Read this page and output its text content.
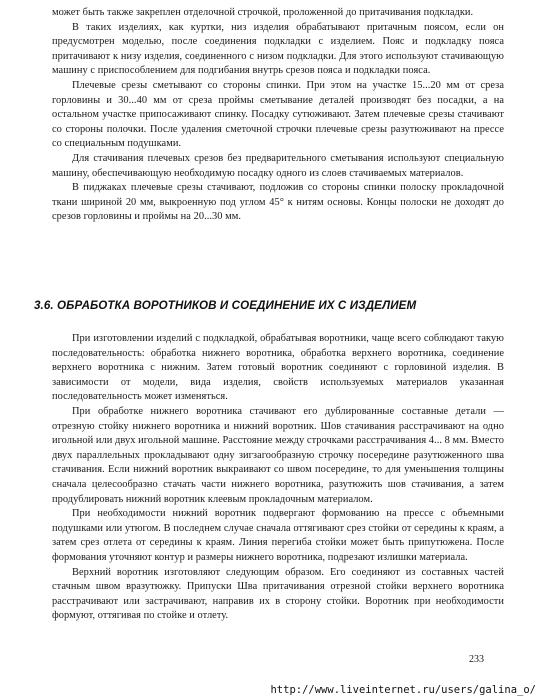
может быть также закреплен отделочной строчкой, проложенной до притачивания подкладки.

В таких изделиях, как куртки, низ изделия обрабатывают притачным поясом, если он предусмотрен моделью, после соединения подкладки с изделием. Пояс и подкладку пояса притачивают к низу изделия, соединенного с низом подкладки. Для этого используют стачивающую машину с приспособлением для подгибания внутрь срезов пояса и подкладки пояса.

Плечевые срезы сметывают со стороны спинки. При этом на участке 15...20 мм от среза горловины и 30...40 мм от среза проймы сметывание деталей производят без посадки, а на остальном участке припосаживают спинку. Посадку сутюживают. Затем плечевые срезы стачивают со стороны полочки. После удаления сметочной строчки плечевые срезы разутюживают на прессе со специальным подушками.

Для стачивания плечевых срезов без предварительного сметывания используют специальную машину, обеспечивающую необходимую посадку одного из слоев стачиваемых материалов.

В пиджаках плечевые срезы стачивают, подложив со стороны спинки полоску прокладочной ткани шириной 20 мм, выкроенную под углом 45° к нитям основы. Концы полоски не доходят до срезов горловины и проймы на 20...30 мм.

3.6. ОБРАБОТКА ВОРОТНИКОВ И СОЕДИНЕНИЕ ИХ С ИЗДЕЛИЕМ

При изготовлении изделий с подкладкой, обрабатывая воротники, чаще всего соблюдают такую последовательность: обработка нижнего воротника, обработка верхнего воротника, соединение верхнего воротника с нижним. Затем готовый воротник соединяют с горловиной изделия. В зависимости от модели, вида изделия, свойств используемых материалов указанная последовательность может изменяться.

При обработке нижнего воротника стачивают его дублированные составные детали — отрезную стойку нижнего воротника и нижний воротник. Шов стачивания расстрачивают на одно игольной или двух игольной машине. Расстояние между строчками расстрачивания 4... 8 мм. Вместо двух параллельных прокладывают одну зигзагообразную строчку посередине разутюженного шва стачивания. Если нижний воротник выкраивают со швом посередине, то для уменьшения толщины сначала целесообразно стачать части нижнего воротника, разутюжить шов стачивания, а затем продублировать нижний воротник клеевым прокладочным материалом.

При необходимости нижний воротник подвергают формованию на прессе с объемными подушками или утюгом. В последнем случае сначала оттягивают срез стойки от середины к краям, а затем срез отлета от середины к краям. Линия перегиба стойки может быть припутюжена. После формования уточняют контур и размеры нижнего воротника, подрезают излишки материала.

Верхний воротник изготовляют следующим образом. Его соединяют из составных частей стачным швом вразутюжку. Припуски Шва притачивания отрезной стойки верхнего воротника расстрачивают или застрачивают, направив их в сторону стойки. Воротник при необходимости формуют, оттягивая по стойке и отлету.

233
http://www.liveinternet.ru/users/galina_o/
